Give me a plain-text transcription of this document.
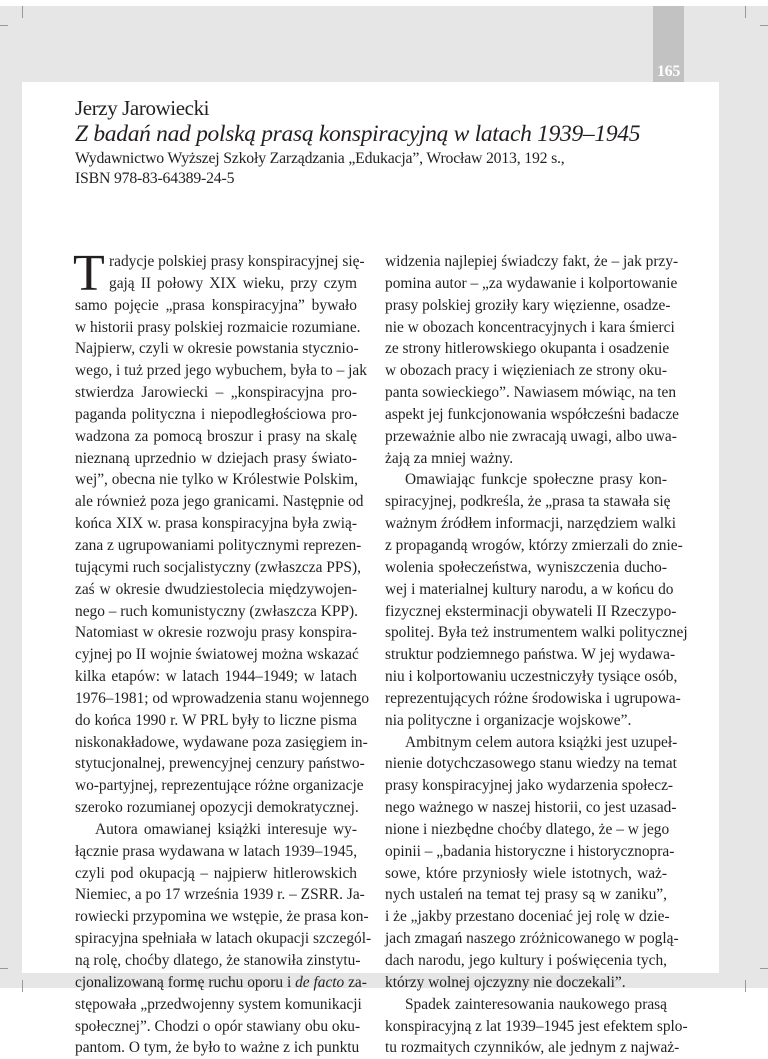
165
Jerzy Jarowiecki
Z badań nad polską prasą konspiracyjną w latach 1939–1945
Wydawnictwo Wyższej Szkoły Zarządzania „Edukacja”, Wrocław 2013, 192 s.,
ISBN 978-83-64389-24-5
T radycje polskiej prasy konspiracyjnej się-
gają II połowy XIX wieku, przy czym
samo pojęcie „prasa konspiracyjna” bywało
w historii prasy polskiej rozmaicie rozumiane.
Najpierw, czyli w okresie powstania stycznio-
wego, i tuż przed jego wybuchem, była to – jak
stwierdza Jarowiecki – „konspiracyjna pro-
paganda polityczna i niepodległościowa pro-
wadzona za pomocą broszur i prasy na skalę
nieznaną uprzednio w dziejach prasy świato-
wej”, obecna nie tylko w Królestwie Polskim,
ale również poza jego granicami. Następnie od
końca XIX w. prasa konspiracyjna była zwią-
zana z ugrupowaniami politycznymi reprezen-
tującymi ruch socjalistyczny (zwłaszcza PPS),
zaś w okresie dwudziestolecia międzywojen-
nego – ruch komunistyczny (zwłaszcza KPP).
Natomiast w okresie rozwoju prasy konspira-
cyjnej po II wojnie światowej można wskazać
kilka etapów: w latach 1944–1949; w latach
1976–1981; od wprowadzenia stanu wojennego
do końca 1990 r. W PRL były to liczne pisma
niskonakładowe, wydawane poza zasięgiem in-
stytucjonalnej, prewencyjnej cenzury państwo-
wo-partyjnej, reprezentujące różne organizacje
szeroko rozumianej opozycji demokratycznej.
Autora omawianej książki interesuje wy-
łącznie prasa wydawana w latach 1939–1945,
czyli pod okupacją – najpierw hitlerowskich
Niemiec, a po 17 września 1939 r. – ZSRR. Ja-
rowiecki przypomina we wstępie, że prasa kon-
spiracyjna spełniała w latach okupacji szczegól-
ną rolę, choćby dlatego, że stanowiła zinstytu-
cjonalizowaną formę ruchu oporu i de facto za-
stępowała „przedwojenny system komunikacji
społecznej”. Chodzi o opór stawiany obu oku-
pantom. O tym, że było to ważne z ich punktu
widzenia najlepiej świadczy fakt, że – jak przy-
pomina autor – „za wydawanie i kolportowanie
prasy polskiej groziły kary więzienne, osadze-
nie w obozach koncentracyjnych i kara śmierci
ze strony hitlerowskiego okupanta i osadzenie
w obozach pracy i więzieniach ze strony oku-
panta sowieckiego”. Nawiasem mówiąc, na ten
aspekt jej funkcjonowania współcześni badacze
przeważnie albo nie zwracają uwagi, albo uwa-
żają za mniej ważny.
Omawiając funkcje społeczne prasy kon-
spiracyjnej, podkreśla, że „prasa ta stawała się
ważnym źródłem informacji, narzędziem walki
z propagandą wrogów, którzy zmierzali do znie-
wolenia społeczeństwa, wyniszczenia ducho-
wej i materialnej kultury narodu, a w końcu do
fizycznej eksterminacji obywateli II Rzeczypo-
spolitej. Była też instrumentem walki politycznej
struktur podziemnego państwa. W jej wydawa-
niu i kolportowaniu uczestniczyły tysiące osób,
reprezentujących różne środowiska i ugrupowa-
nia polityczne i organizacje wojskowe”.
Ambitnym celem autora książki jest uzupeł-
nienie dotychczasowego stanu wiedzy na temat
prasy konspiracyjnej jako wydarzenia społecz-
nego ważnego w naszej historii, co jest uzasad-
nione i niezbędne choćby dlatego, że – w jego
opinii – „badania historyczne i historycznopra-
sowe, które przyniosły wiele istotnych, waż-
nych ustaleń na temat tej prasy są w zaniku”,
i że „jakby przestano doceniać jej rolę w dzie-
jach zmagań naszego zróżnicowanego w poglą-
dach narodu, jego kultury i poświęcenia tych,
którzy wolnej ojczyzny nie doczekali”.
Spadek zainteresowania naukowego prasą
konspiracyjną z lat 1939–1945 jest efektem splo-
tu rozmaitych czynników, ale jednym z najważ-
